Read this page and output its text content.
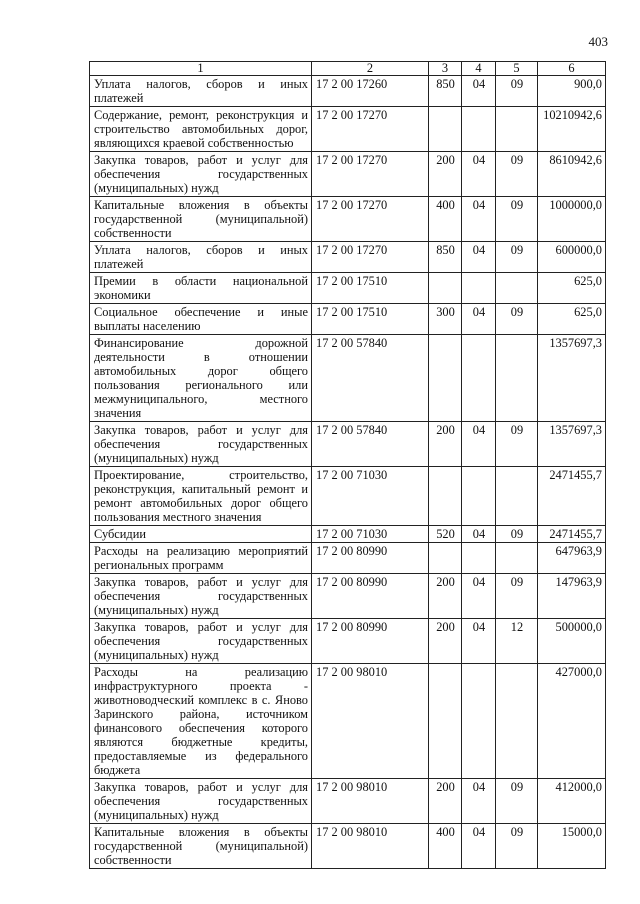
403
1	2	3	4	5	6
Уплата налогов, сборов и иных платежей	17 2 00 17260	850	04	09	900,0
Содержание, ремонт, реконструкция и строительство автомобильных дорог, являющихся краевой собственностью	17 2 00 17270				10210942,6
Закупка товаров, работ и услуг для обеспечения государственных (муниципальных) нужд	17 2 00 17270	200	04	09	8610942,6
Капитальные вложения в объекты государственной (муниципальной) собственности	17 2 00 17270	400	04	09	1000000,0
Уплата налогов, сборов и иных платежей	17 2 00 17270	850	04	09	600000,0
Премии в области национальной экономики	17 2 00 17510				625,0
Социальное обеспечение и иные выплаты населению	17 2 00 17510	300	04	09	625,0
Финансирование дорожной деятельности в отношении автомобильных дорог общего пользования регионального или межмуниципального, местного значения	17 2 00 57840				1357697,3
Закупка товаров, работ и услуг для обеспечения государственных (муниципальных) нужд	17 2 00 57840	200	04	09	1357697,3
Проектирование, строительство, реконструкция, капитальный ремонт и ремонт автомобильных дорог общего пользования местного значения	17 2 00 71030				2471455,7
Субсидии	17 2 00 71030	520	04	09	2471455,7
Расходы на реализацию мероприятий региональных программ	17 2 00 80990				647963,9
Закупка товаров, работ и услуг для обеспечения государственных (муниципальных) нужд	17 2 00 80990	200	04	09	147963,9
Закупка товаров, работ и услуг для обеспечения государственных (муниципальных) нужд	17 2 00 80990	200	04	12	500000,0
Расходы на реализацию инфраструктурного проекта - животноводческий комплекс в с. Яново Заринского района, источником финансового обеспечения которого являются бюджетные кредиты, предоставляемые из федерального бюджета	17 2 00 98010				427000,0
Закупка товаров, работ и услуг для обеспечения государственных (муниципальных) нужд	17 2 00 98010	200	04	09	412000,0
Капитальные вложения в объекты государственной (муниципальной) собственности	17 2 00 98010	400	04	09	15000,0
